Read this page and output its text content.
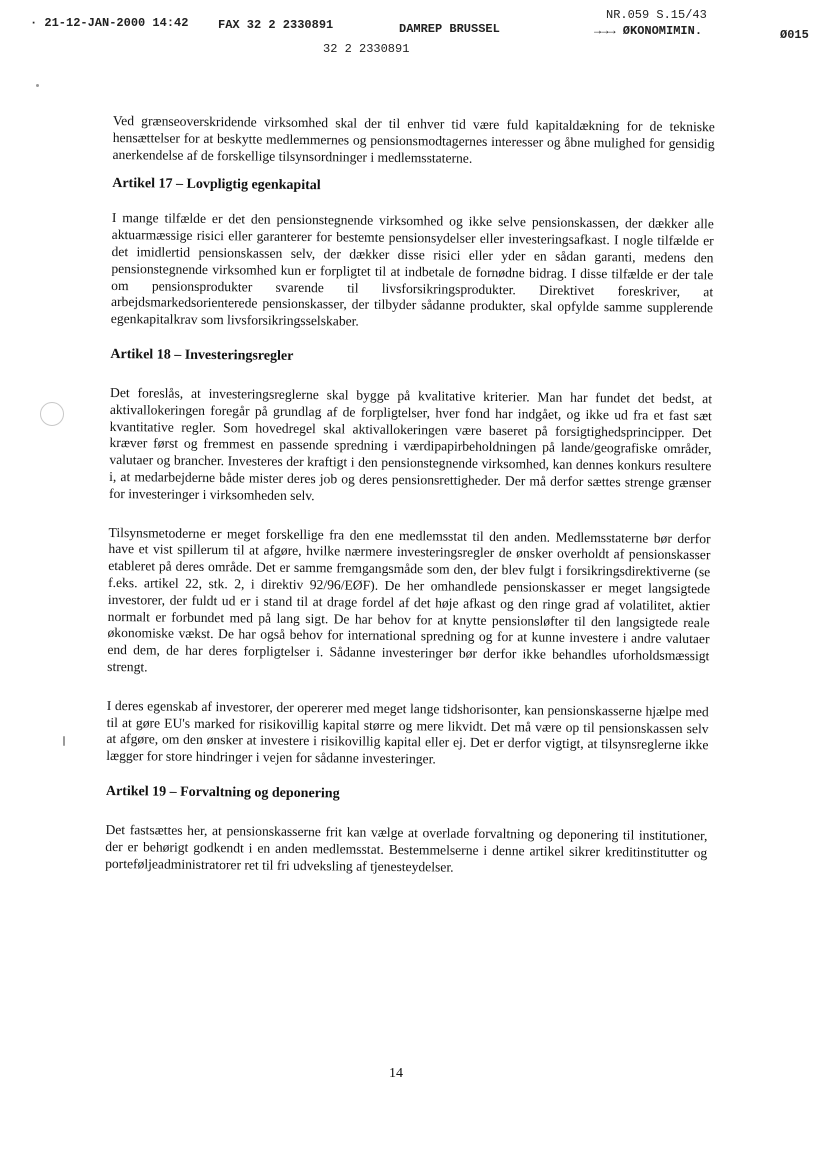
· 21-12-JAN-2000 14:42 FAX 32 2 2330891	DAMREP BRUSSEL
NR.059 S.15/43
→→→ ØKONOMIMIN.	Ø015
32 2 2330891

Ved grænseoverskridende virksomhed skal der til enhver tid være fuld kapitaldækning for de tekniske hensættelser for at beskytte medlemmernes og pensionsmodtagernes interesser og åbne mulighed for gensidig anerkendelse af de forskellige tilsynsordninger i medlemsstaterne.

Artikel 17 – Lovpligtig egenkapital

I mange tilfælde er det den pensionstegnende virksomhed og ikke selve pensionskassen, der dækker alle aktuarmæssige risici eller garanterer for bestemte pensionsydelser eller investeringsafkast. I nogle tilfælde er det imidlertid pensionskassen selv, der dækker disse risici eller yder en sådan garanti, medens den pensionstegnende virksomhed kun er forpligtet til at indbetale de fornødne bidrag. I disse tilfælde er der tale om pensionsprodukter svarende til livsforsikringsprodukter. Direktivet foreskriver, at arbejdsmarkedsorienterede pensionskasser, der tilbyder sådanne produkter, skal opfylde samme supplerende egenkapitalkrav som livsforsikringsselskaber.

Artikel 18 – Investeringsregler

Det foreslås, at investeringsreglerne skal bygge på kvalitative kriterier. Man har fundet det bedst, at aktivallokeringen foregår på grundlag af de forpligtelser, hver fond har indgået, og ikke ud fra et fast sæt kvantitative regler. Som hovedregel skal aktivallokeringen være baseret på forsigtighedsprincipper. Det kræver først og fremmest en passende spredning i værdipapirbeholdningen på lande/geografiske områder, valutaer og brancher. Investeres der kraftigt i den pensionstegnende virksomhed, kan dennes konkurs resultere i, at medarbejderne både mister deres job og deres pensionsrettigheder. Der må derfor sættes strenge grænser for investeringer i virksomheden selv.

Tilsynsmetoderne er meget forskellige fra den ene medlemsstat til den anden. Medlemsstaterne bør derfor have et vist spillerum til at afgøre, hvilke nærmere investeringsregler de ønsker overholdt af pensionskasser etableret på deres område. Det er samme fremgangsmåde som den, der blev fulgt i forsikringsdirektiverne (se f.eks. artikel 22, stk. 2, i direktiv 92/96/EØF). De her omhandlede pensionskasser er meget langsigtede investorer, der fuldt ud er i stand til at drage fordel af det høje afkast og den ringe grad af volatilitet, aktier normalt er forbundet med på lang sigt. De har behov for at knytte pensionsløfter til den langsigtede reale økonomiske vækst. De har også behov for international spredning og for at kunne investere i andre valutaer end dem, de har deres forpligtelser i. Sådanne investeringer bør derfor ikke behandles uforholdsmæssigt strengt.

I deres egenskab af investorer, der opererer med meget lange tidshorisonter, kan pensionskasserne hjælpe med til at gøre EU's marked for risikovillig kapital større og mere likvidt. Det må være op til pensionskassen selv at afgøre, om den ønsker at investere i risikovillig kapital eller ej. Det er derfor vigtigt, at tilsynsreglerne ikke lægger for store hindringer i vejen for sådanne investeringer.

Artikel 19 – Forvaltning og deponering

Det fastsættes her, at pensionskasserne frit kan vælge at overlade forvaltning og deponering til institutioner, der er behørigt godkendt i en anden medlemsstat. Bestemmelserne i denne artikel sikrer kreditinstitutter og porteføljeadministratorer ret til fri udveksling af tjenesteydelser.

14
